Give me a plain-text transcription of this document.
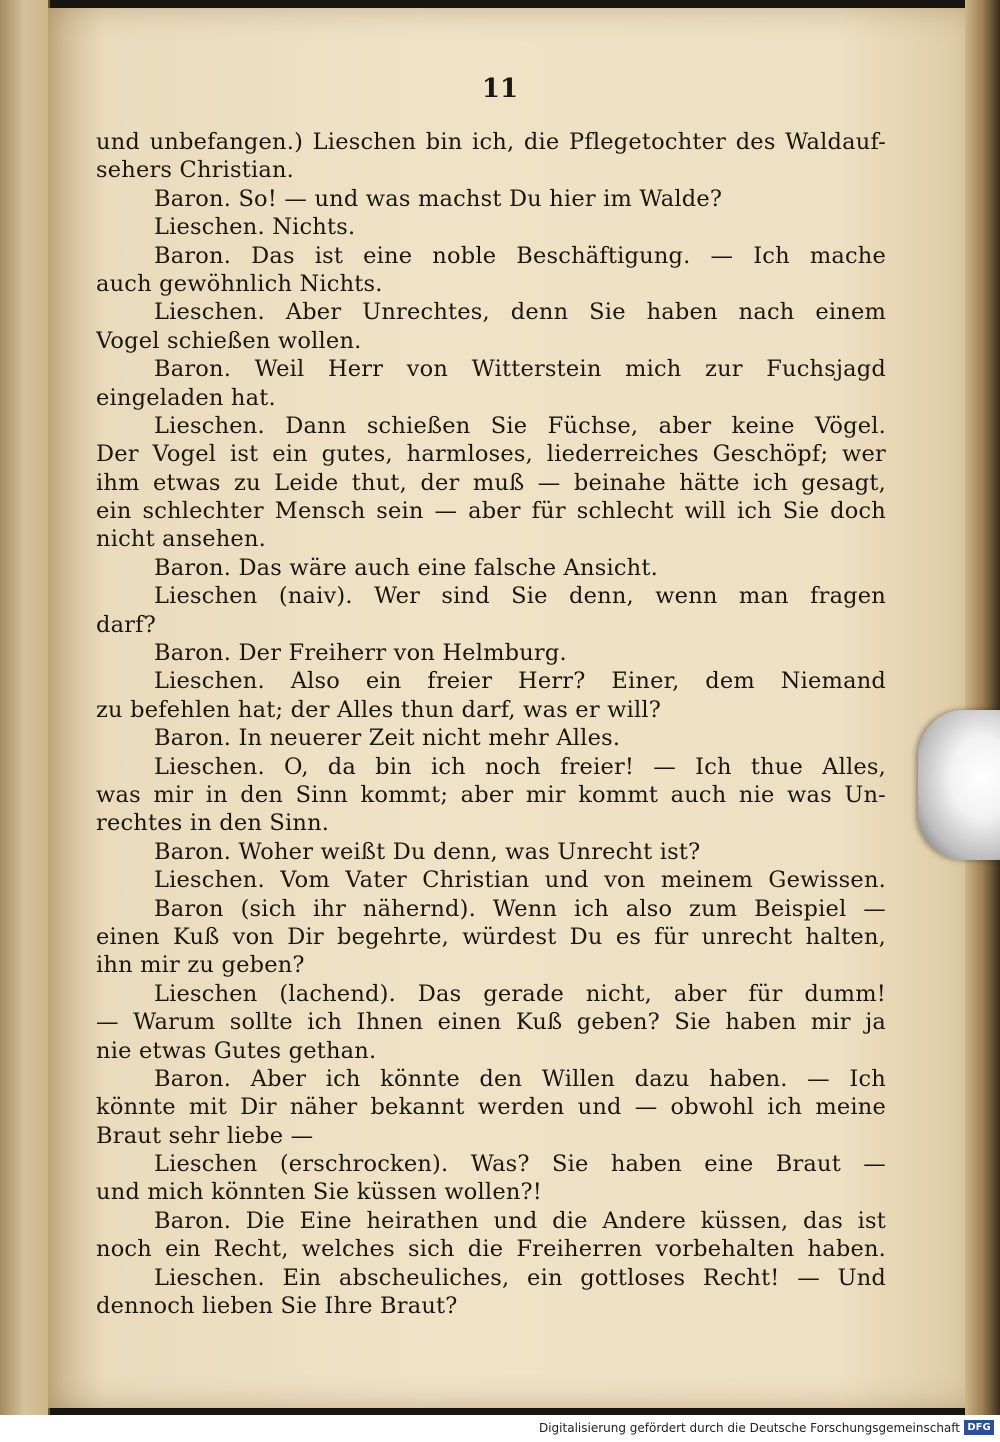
11
und unbefangen.) Lieschen bin ich, die Pflegetochter des Waldauf-
sehers Christian.
Baron. So! — und was machst Du hier im Walde?
Lieschen. Nichts.
Baron. Das ist eine noble Beschäftigung. — Ich mache
auch gewöhnlich Nichts.
Lieschen. Aber Unrechtes, denn Sie haben nach einem
Vogel schießen wollen.
Baron. Weil Herr von Witterstein mich zur Fuchsjagd
eingeladen hat.
Lieschen. Dann schießen Sie Füchse, aber keine Vögel.
Der Vogel ist ein gutes, harmloses, liederreiches Geschöpf; wer
ihm etwas zu Leide thut, der muß — beinahe hätte ich gesagt,
ein schlechter Mensch sein — aber für schlecht will ich Sie doch
nicht ansehen.
Baron. Das wäre auch eine falsche Ansicht.
Lieschen (naiv). Wer sind Sie denn, wenn man fragen
darf?
Baron. Der Freiherr von Helmburg.
Lieschen. Also ein freier Herr? Einer, dem Niemand
zu befehlen hat; der Alles thun darf, was er will?
Baron. In neuerer Zeit nicht mehr Alles.
Lieschen. O, da bin ich noch freier! — Ich thue Alles,
was mir in den Sinn kommt; aber mir kommt auch nie was Un-
rechtes in den Sinn.
Baron. Woher weißt Du denn, was Unrecht ist?
Lieschen. Vom Vater Christian und von meinem Gewissen.
Baron (sich ihr nähernd). Wenn ich also zum Beispiel —
einen Kuß von Dir begehrte, würdest Du es für unrecht halten,
ihn mir zu geben?
Lieschen (lachend). Das gerade nicht, aber für dumm!
— Warum sollte ich Ihnen einen Kuß geben? Sie haben mir ja
nie etwas Gutes gethan.
Baron. Aber ich könnte den Willen dazu haben. — Ich
könnte mit Dir näher bekannt werden und — obwohl ich meine
Braut sehr liebe —
Lieschen (erschrocken). Was? Sie haben eine Braut —
und mich könnten Sie küssen wollen?!
Baron. Die Eine heirathen und die Andere küssen, das ist
noch ein Recht, welches sich die Freiherren vorbehalten haben.
Lieschen. Ein abscheuliches, ein gottloses Recht! — Und
dennoch lieben Sie Ihre Braut?
Digitalisierung gefördert durch die Deutsche Forschungsgemeinschaft DFG
